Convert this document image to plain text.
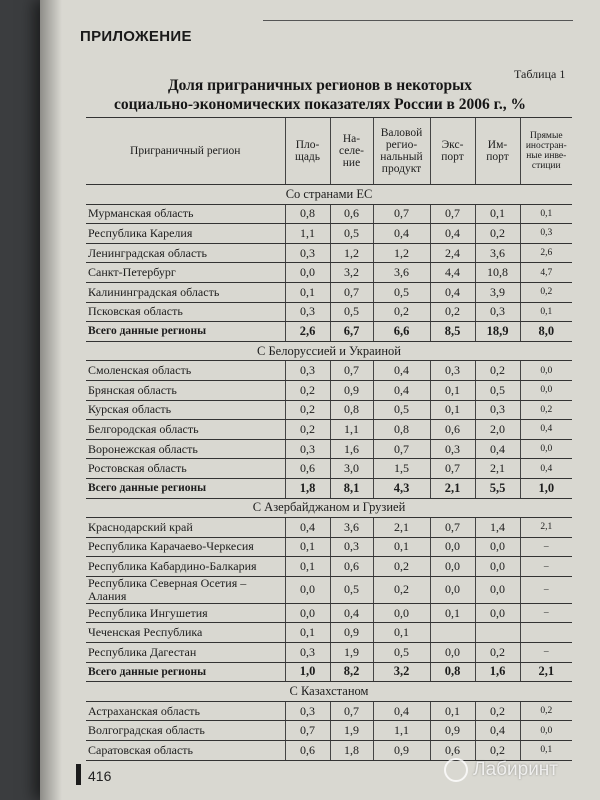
ПРИЛОЖЕНИЕ
Таблица 1
Доля приграничных регионов в некоторых
социально-экономических показателях России в 2006 г., %
Приграничный регион	Пло-щадь	На-селе-ние	Валовой регио-нальный продукт	Экс-порт	Им-порт	Прямые иностран-ные инве-стиции
Со странами ЕС						
Мурманская область	0,8	0,6	0,7	0,7	0,1	0,1
Республика Карелия	1,1	0,5	0,4	0,4	0,2	0,3
Ленинградская область	0,3	1,2	1,2	2,4	3,6	2,6
Санкт-Петербург	0,0	3,2	3,6	4,4	10,8	4,7
Калининградская область	0,1	0,7	0,5	0,4	3,9	0,2
Псковская область	0,3	0,5	0,2	0,2	0,3	0,1
Всего данные регионы	2,6	6,7	6,6	8,5	18,9	8,0
С Белоруссией и Украиной						
Смоленская область	0,3	0,7	0,4	0,3	0,2	0,0
Брянская область	0,2	0,9	0,4	0,1	0,5	0,0
Курская область	0,2	0,8	0,5	0,1	0,3	0,2
Белгородская область	0,2	1,1	0,8	0,6	2,0	0,4
Воронежская область	0,3	1,6	0,7	0,3	0,4	0,0
Ростовская область	0,6	3,0	1,5	0,7	2,1	0,4
Всего данные регионы	1,8	8,1	4,3	2,1	5,5	1,0
С Азербайджаном и Грузией						
Краснодарский край	0,4	3,6	2,1	0,7	1,4	2,1
Республика Карачаево-Черкесия	0,1	0,3	0,1	0,0	0,0	–
Республика Кабардино-Балкария	0,1	0,6	0,2	0,0	0,0	–
Республика Северная Осетия – Алания	0,0	0,5	0,2	0,0	0,0	–
Республика Ингушетия	0,0	0,4	0,0	0,1	0,0	–
Чеченская Республика	0,1	0,9	0,1			
Республика Дагестан	0,3	1,9	0,5	0,0	0,2	–
Всего данные регионы	1,0	8,2	3,2	0,8	1,6	2,1
С Казахстаном						
Астраханская область	0,3	0,7	0,4	0,1	0,2	0,2
Волгоградская область	0,7	1,9	1,1	0,9	0,4	0,0
Саратовская область	0,6	1,8	0,9	0,6	0,2	0,1
416	Лабиринт
